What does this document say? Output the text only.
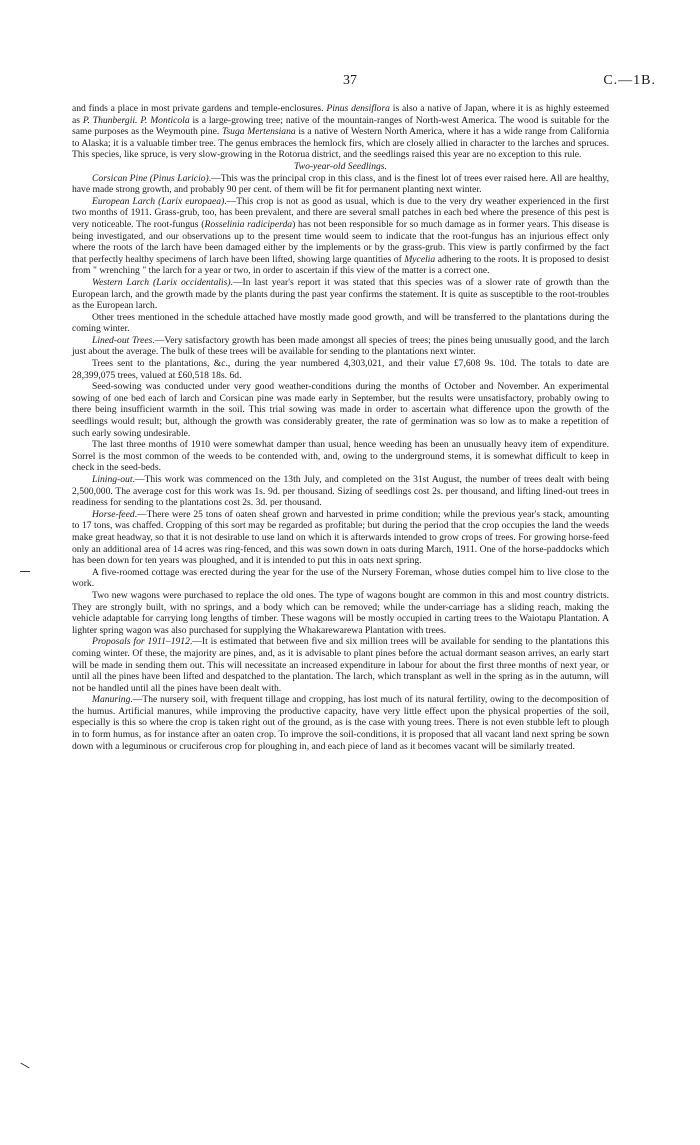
37	C.—1B.

and finds a place in most private gardens and temple-enclosures. Pinus densiflora is also a native of Japan, where it is as highly esteemed as P. Thunbergii. P. Monticola is a large-growing tree; native of the mountain-ranges of North-west America. The wood is suitable for the same purposes as the Weymouth pine. Tsuga Mertensiana is a native of Western North America, where it has a wide range from California to Alaska; it is a valuable timber tree. The genus embraces the hemlock firs, which are closely allied in character to the larches and spruces. This species, like spruce, is very slow-growing in the Rotorua district, and the seedlings raised this year are no exception to this rule.

Two-year-old Seedlings.

Corsican Pine (Pinus Laricio).—This was the principal crop in this class, and is the finest lot of trees ever raised here. All are healthy, have made strong growth, and probably 90 per cent. of them will be fit for permanent planting next winter.

European Larch (Larix europaea).—This crop is not as good as usual, which is due to the very dry weather experienced in the first two months of 1911. Grass-grub, too, has been prevalent, and there are several small patches in each bed where the presence of this pest is very noticeable. The root-fungus (Rosselinia radiciperda) has not been responsible for so much damage as in former years. This disease is being investigated, and our observations up to the present time would seem to indicate that the root-fungus has an injurious effect only where the roots of the larch have been damaged either by the implements or by the grass-grub. This view is partly confirmed by the fact that perfectly healthy specimens of larch have been lifted, showing large quantities of Mycelia adhering to the roots. It is proposed to desist from " wrenching " the larch for a year or two, in order to ascertain if this view of the matter is a correct one.

Western Larch (Larix occidentalis).—In last year's report it was stated that this species was of a slower rate of growth than the European larch, and the growth made by the plants during the past year confirms the statement. It is quite as susceptible to the root-troubles as the European larch.

Other trees mentioned in the schedule attached have mostly made good growth, and will be transferred to the plantations during the coming winter.

Lined-out Trees.—Very satisfactory growth has been made amongst all species of trees; the pines being unusually good, and the larch just about the average. The bulk of these trees will be available for sending to the plantations next winter.

Trees sent to the plantations, &c., during the year numbered 4,303,021, and their value £7,608 9s. 10d. The totals to date are 28,399,075 trees, valued at £60,518 18s. 6d.

Seed-sowing was conducted under very good weather-conditions during the months of October and November. An experimental sowing of one bed each of larch and Corsican pine was made early in September, but the results were unsatisfactory, probably owing to there being insufficient warmth in the soil. This trial sowing was made in order to ascertain what difference upon the growth of the seedlings would result; but, although the growth was considerably greater, the rate of germination was so low as to make a repetition of such early sowing undesirable.

The last three months of 1910 were somewhat damper than usual, hence weeding has been an unusually heavy item of expenditure. Sorrel is the most common of the weeds to be contended with, and, owing to the underground stems, it is somewhat difficult to keep in check in the seed-beds.

Lining-out.—This work was commenced on the 13th July, and completed on the 31st August, the number of trees dealt with being 2,500,000. The average cost for this work was 1s. 9d. per thousand. Sizing of seedlings cost 2s. per thousand, and lifting lined-out trees in readiness for sending to the plantations cost 2s. 3d. per thousand.

Horse-feed.—There were 25 tons of oaten sheaf grown and harvested in prime condition; while the previous year's stack, amounting to 17 tons, was chaffed. Cropping of this sort may be regarded as profitable; but during the period that the crop occupies the land the weeds make great headway, so that it is not desirable to use land on which it is afterwards intended to grow crops of trees. For growing horse-feed only an additional area of 14 acres was ring-fenced, and this was sown down in oats during March, 1911. One of the horse-paddocks which has been down for ten years was ploughed, and it is intended to put this in oats next spring.

A five-roomed cottage was erected during the year for the use of the Nursery Foreman, whose duties compel him to live close to the work.

Two new wagons were purchased to replace the old ones. The type of wagons bought are common in this and most country districts. They are strongly built, with no springs, and a body which can be removed; while the under-carriage has a sliding reach, making the vehicle adaptable for carrying long lengths of timber. These wagons will be mostly occupied in carting trees to the Waiotapu Plantation. A lighter spring wagon was also purchased for supplying the Whakarewarewa Plantation with trees.

Proposals for 1911–1912.—It is estimated that between five and six million trees will be available for sending to the plantations this coming winter. Of these, the majority are pines, and, as it is advisable to plant pines before the actual dormant season arrives, an early start will be made in sending them out. This will necessitate an increased expenditure in labour for about the first three months of next year, or until all the pines have been lifted and despatched to the plantation. The larch, which transplant as well in the spring as in the autumn, will not be handled until all the pines have been dealt with.

Manuring.—The nursery soil, with frequent tillage and cropping, has lost much of its natural fertility, owing to the decomposition of the humus. Artificial manures, while improving the productive capacity, have very little effect upon the physical properties of the soil, especially is this so where the crop is taken right out of the ground, as is the case with young trees. There is not even stubble left to plough in to form humus, as for instance after an oaten crop. To improve the soil-conditions, it is proposed that all vacant land next spring be sown down with a leguminous or cruciferous crop for ploughing in, and each piece of land as it becomes vacant will be similarly treated.
